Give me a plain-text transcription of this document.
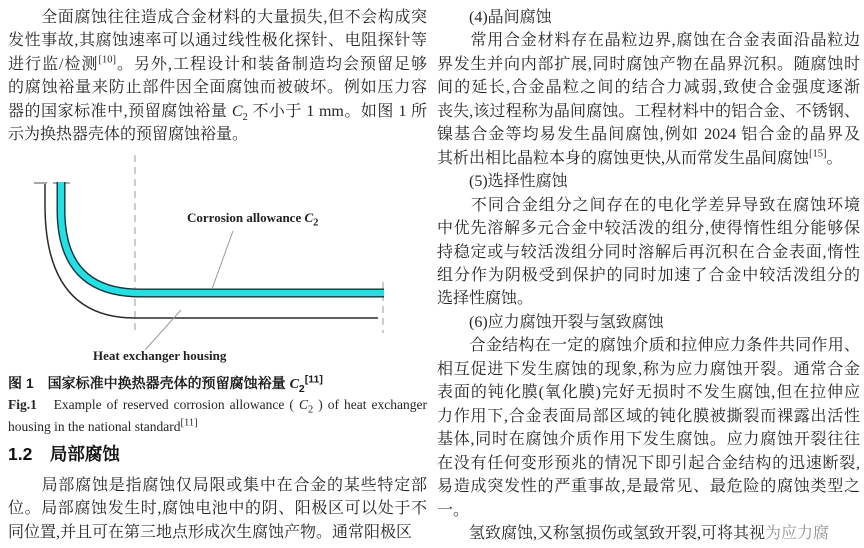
　　全面腐蚀往往造成合金材料的大量损失,但不会构成突
发性事故,其腐蚀速率可以通过线性极化探针、电阻探针等
进行监/检测[10]。另外,工程设计和装备制造均会预留足够
的腐蚀裕量来防止部件因全面腐蚀而被破坏。例如压力容
器的国家标准中,预留腐蚀裕量 $C_2$ 不小于 1 mm。如图 1 所
示为换热器壳体的预留腐蚀裕量。
Corrosion allowance $C_2$
Heat exchanger housing
图 1　国家标准中换热器壳体的预留腐蚀裕量 $C_2[11]$
Fig.1　Example of reserved corrosion allowance ( $C_2$ ) of heat exchanger
housing in the national standard[11]
1.2　局部腐蚀
　　局部腐蚀是指腐蚀仅局限或集中在合金的某些特定部
位。局部腐蚀发生时,腐蚀电池中的阴、阳极区可以处于不
同位置,并且可在第三地点形成次生腐蚀产物。通常阳极区
　　(4)晶间腐蚀
　　常用合金材料存在晶粒边界,腐蚀在合金表面沿晶粒边
界发生并向内部扩展,同时腐蚀产物在晶界沉积。随腐蚀时
间的延长,合金晶粒之间的结合力减弱,致使合金强度逐渐
丧失,该过程称为晶间腐蚀。工程材料中的铝合金、不锈钢、
镍基合金等均易发生晶间腐蚀,例如 2024 铝合金的晶界及
其析出相比晶粒本身的腐蚀更快,从而常发生晶间腐蚀[15]。
　　(5)选择性腐蚀
　　不同合金组分之间存在的电化学差异导致在腐蚀环境
中优先溶解多元合金中较活泼的组分,使得惰性组分能够保
持稳定或与较活泼组分同时溶解后再沉积在合金表面,惰性
组分作为阴极受到保护的同时加速了合金中较活泼组分的
选择性腐蚀。
　　(6)应力腐蚀开裂与氢致腐蚀
　　合金结构在一定的腐蚀介质和拉伸应力条件共同作用、
相互促进下发生腐蚀的现象,称为应力腐蚀开裂。通常合金
表面的钝化膜(氧化膜)完好无损时不发生腐蚀,但在拉伸应
力作用下,合金表面局部区域的钝化膜被撕裂而裸露出活性
基体,同时在腐蚀介质作用下发生腐蚀。应力腐蚀开裂往往
在没有任何变形预兆的情况下即引起合金结构的迅速断裂,
易造成突发性的严重事故,是最常见、最危险的腐蚀类型之
一。
　　氢致腐蚀,又称氢损伤或氢致开裂,可将其视为应力腐
